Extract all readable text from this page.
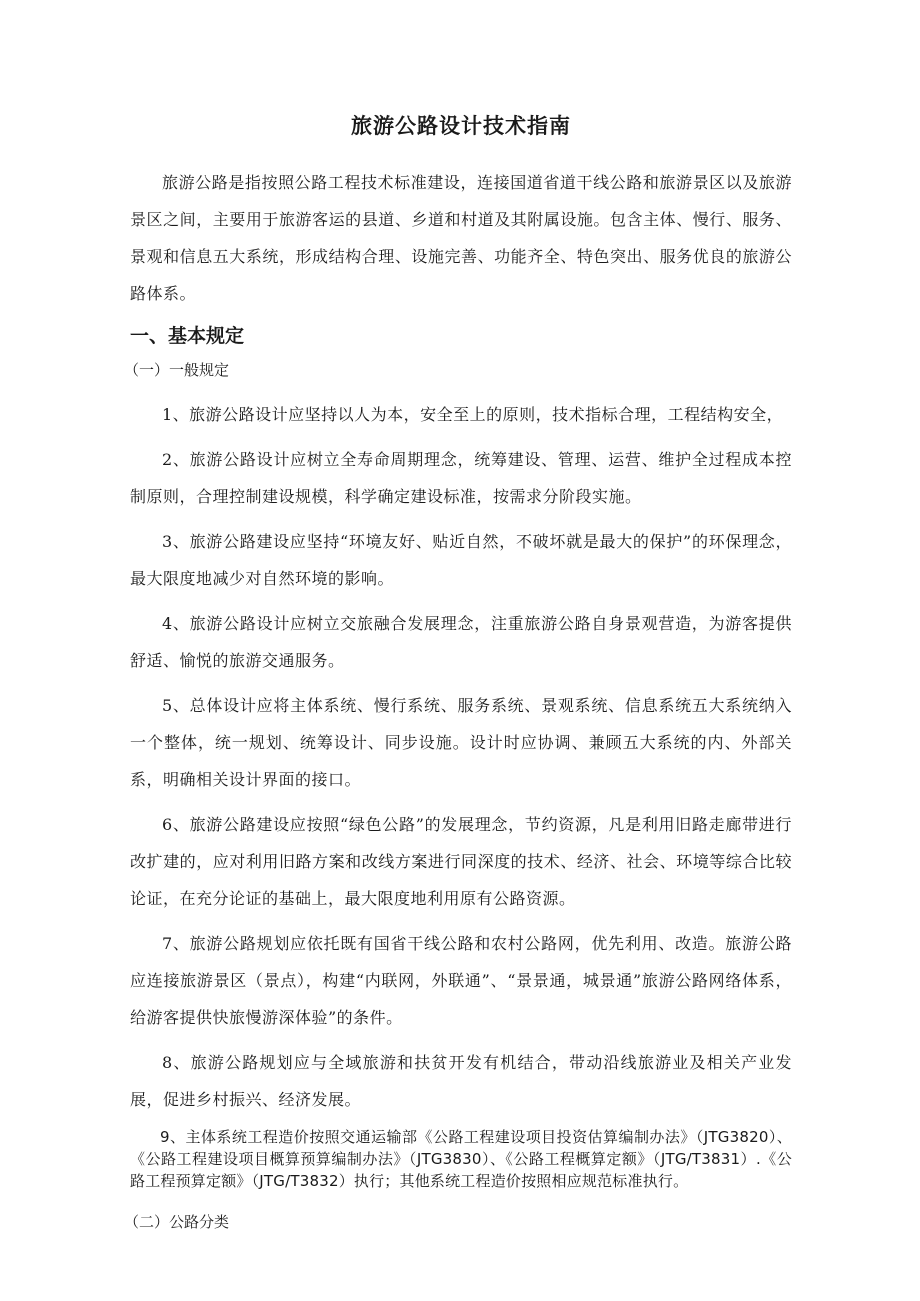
旅游公路设计技术指南

旅游公路是指按照公路工程技术标准建设，连接国道省道干线公路和旅游景区以及旅游景区之间，主要用于旅游客运的县道、乡道和村道及其附属设施。包含主体、慢行、服务、景观和信息五大系统，形成结构合理、设施完善、功能齐全、特色突出、服务优良的旅游公路体系。

一、基本规定
（一）一般规定

1、旅游公路设计应坚持以人为本，安全至上的原则，技术指标合理，工程结构安全，

2、旅游公路设计应树立全寿命周期理念，统筹建设、管理、运营、维护全过程成本控制原则，合理控制建设规模，科学确定建设标准，按需求分阶段实施。

3、旅游公路建设应坚持“环境友好、贴近自然，不破坏就是最大的保护”的环保理念，最大限度地减少对自然环境的影响。

4、旅游公路设计应树立交旅融合发展理念，注重旅游公路自身景观营造，为游客提供舒适、愉悦的旅游交通服务。

5、总体设计应将主体系统、慢行系统、服务系统、景观系统、信息系统五大系统纳入一个整体，统一规划、统筹设计、同步设施。设计时应协调、兼顾五大系统的内、外部关系，明确相关设计界面的接口。

6、旅游公路建设应按照“绿色公路”的发展理念，节约资源，凡是利用旧路走廊带进行改扩建的，应对利用旧路方案和改线方案进行同深度的技术、经济、社会、环境等综合比较论证，在充分论证的基础上，最大限度地利用原有公路资源。

7、旅游公路规划应依托既有国省干线公路和农村公路网，优先利用、改造。旅游公路应连接旅游景区（景点），构建“内联网，外联通”、“景景通，城景通”旅游公路网络体系，给游客提供快旅慢游深体验”的条件。

8、旅游公路规划应与全域旅游和扶贫开发有机结合，带动沿线旅游业及相关产业发展，促进乡村振兴、经济发展。

9、主体系统工程造价按照交通运输部《公路工程建设项目投资估算编制办法》（JTG3820）、《公路工程建设项目概算预算编制办法》（JTG3830）、《公路工程概算定额》（JTG/T3831）.《公路工程预算定额》（JTG/T3832）执行；其他系统工程造价按照相应规范标准执行。

（二）公路分类
